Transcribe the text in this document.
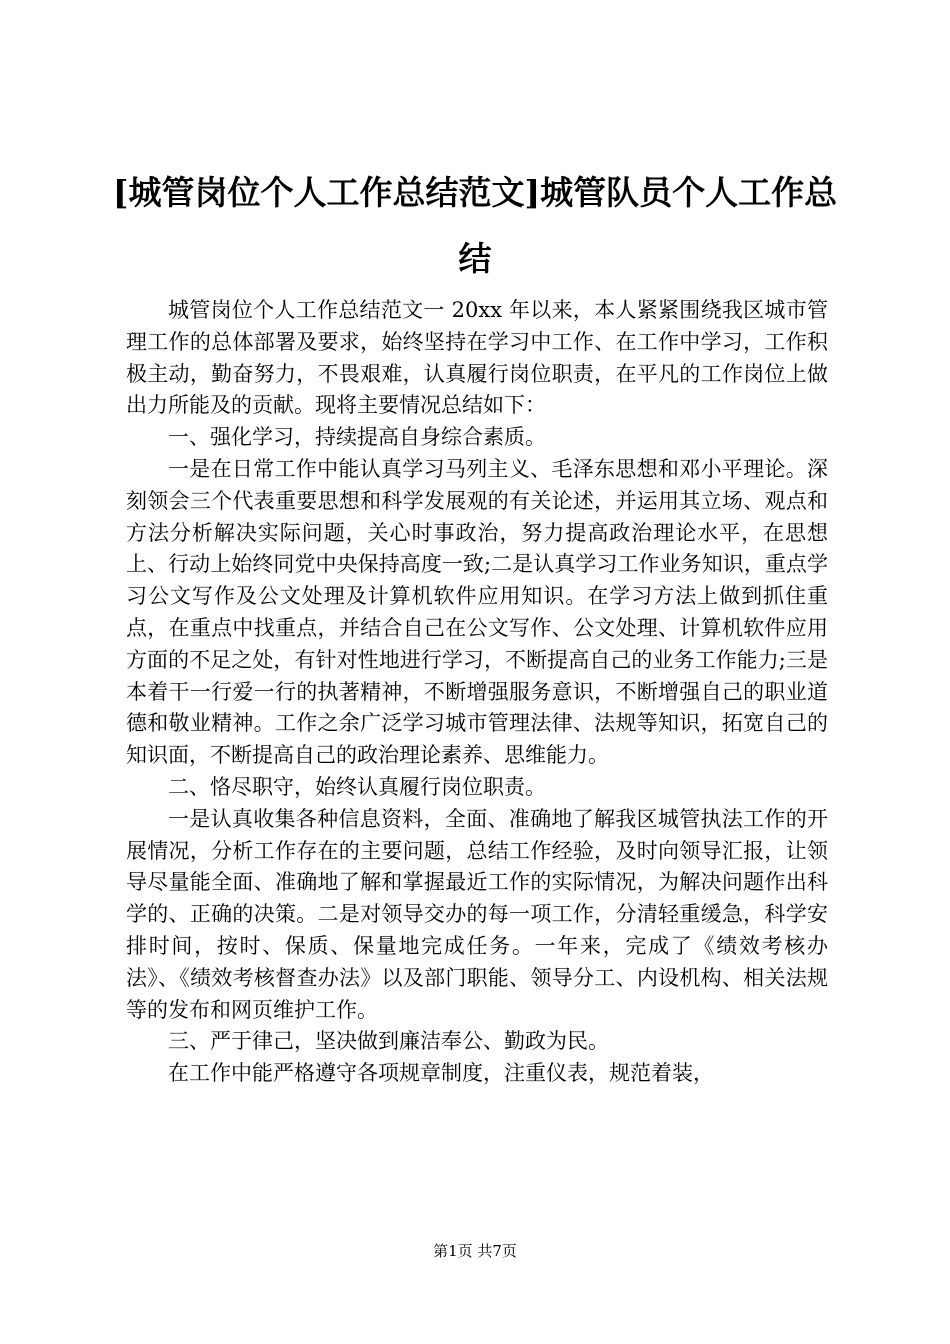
[城管岗位个人工作总结范文]城管队员个人工作总结

城管岗位个人工作总结范文一 20xx 年以来，本人紧紧围绕我区城市管理工作的总体部署及要求，始终坚持在学习中工作、在工作中学习，工作积极主动，勤奋努力，不畏艰难，认真履行岗位职责，在平凡的工作岗位上做出力所能及的贡献。现将主要情况总结如下：

一、强化学习，持续提高自身综合素质。

一是在日常工作中能认真学习马列主义、毛泽东思想和邓小平理论。深刻领会三个代表重要思想和科学发展观的有关论述，并运用其立场、观点和方法分析解决实际问题，关心时事政治，努力提高政治理论水平，在思想上、行动上始终同党中央保持高度一致;二是认真学习工作业务知识，重点学习公文写作及公文处理及计算机软件应用知识。在学习方法上做到抓住重点，在重点中找重点，并结合自己在公文写作、公文处理、计算机软件应用方面的不足之处，有针对性地进行学习，不断提高自己的业务工作能力;三是本着干一行爱一行的执著精神，不断增强服务意识，不断增强自己的职业道德和敬业精神。工作之余广泛学习城市管理法律、法规等知识，拓宽自己的知识面，不断提高自己的政治理论素养、思维能力。

二、恪尽职守，始终认真履行岗位职责。

一是认真收集各种信息资料，全面、准确地了解我区城管执法工作的开展情况，分析工作存在的主要问题，总结工作经验，及时向领导汇报，让领导尽量能全面、准确地了解和掌握最近工作的实际情况，为解决问题作出科学的、正确的决策。二是对领导交办的每一项工作，分清轻重缓急，科学安排时间，按时、保质、保量地完成任务。一年来，完成了《绩效考核办法》、《绩效考核督查办法》以及部门职能、领导分工、内设机构、相关法规等的发布和网页维护工作。

三、严于律己，坚决做到廉洁奉公、勤政为民。

在工作中能严格遵守各项规章制度，注重仪表，规范着装，

第1页 共7页
